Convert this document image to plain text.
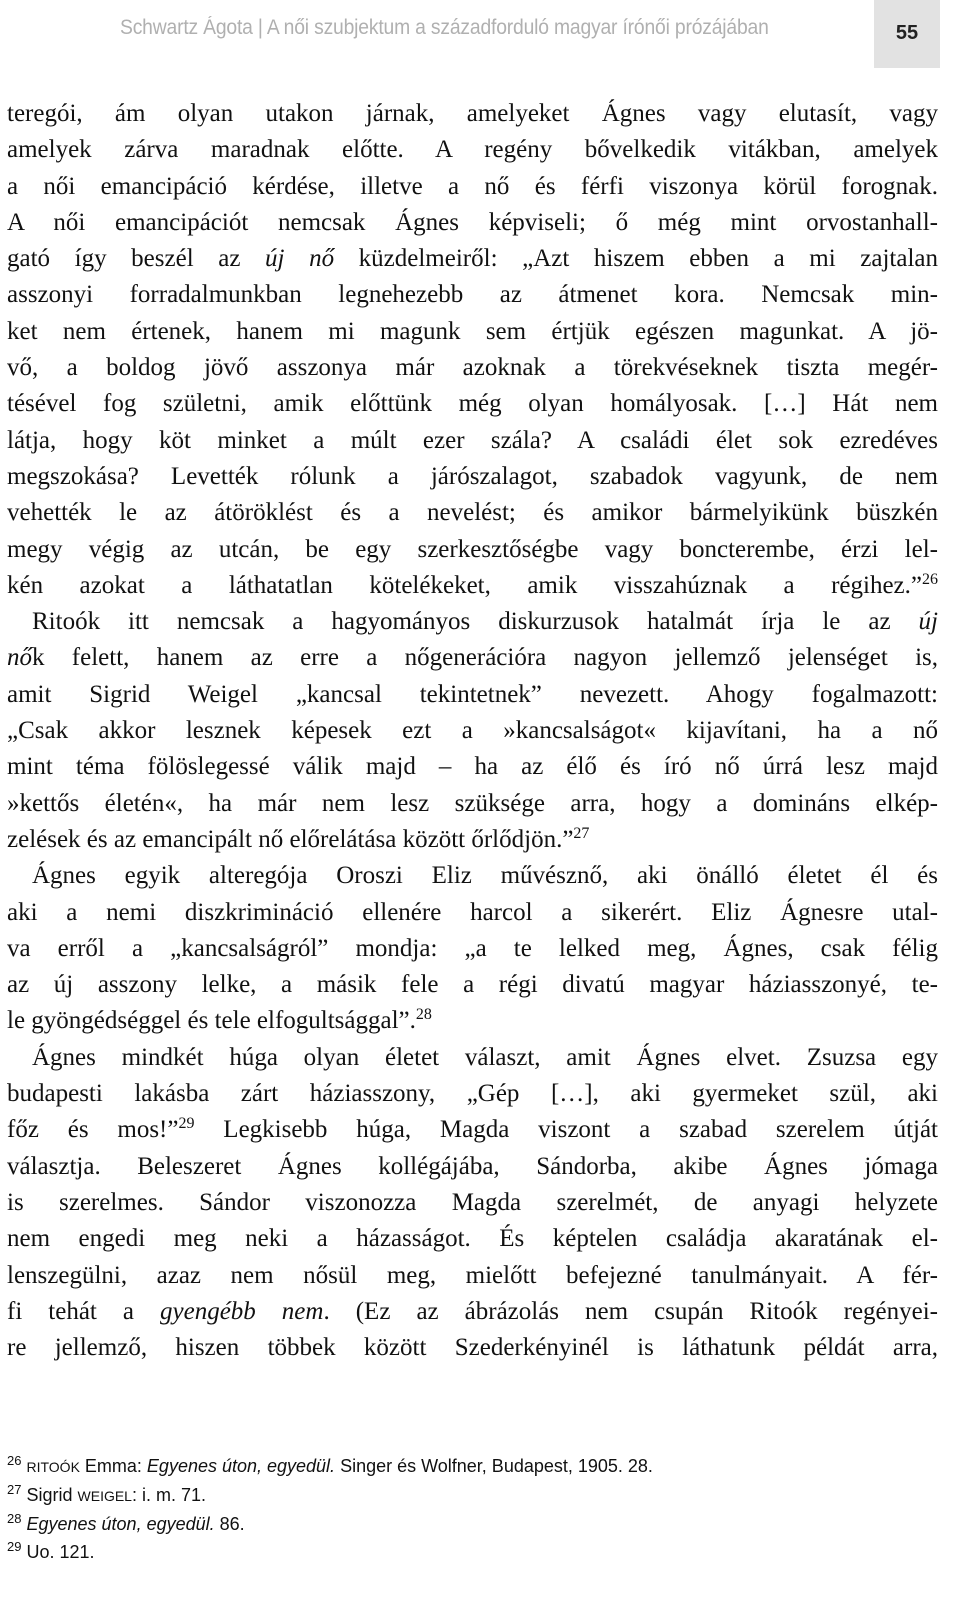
Schwartz Ágota | A női szubjektum a századforduló magyar írónői prózájában	55
teregói, ám olyan utakon járnak, amelyeket Ágnes vagy elutasít, vagy
amelyek zárva maradnak előtte. A regény bővelkedik vitákban, amelyek
a női emancipáció kérdése, illetve a nő és férfi viszonya körül forognak.
A női emancipációt nemcsak Ágnes képviseli; ő még mint orvostanhall-
gató így beszél az új nő küzdelmeiről: „Azt hiszem ebben a mi zajtalan
asszonyi forradalmunkban legnehezebb az átmenet kora. Nemcsak min-
ket nem értenek, hanem mi magunk sem értjük egészen magunkat. A jö-
vő, a boldog jövő asszonya már azoknak a törekvéseknek tiszta megér-
tésével fog születni, amik előttünk még olyan homályosak. […] Hát nem
látja, hogy köt minket a múlt ezer szála? A családi élet sok ezredéves
megszokása? Levették rólunk a járószalagot, szabadok vagyunk, de nem
vehették le az átöröklést és a nevelést; és amikor bármelyikünk büszkén
megy végig az utcán, be egy szerkesztőségbe vagy boncterembe, érzi lel-
kén azokat a láthatatlan kötelékeket, amik visszahúznak a régihez.”$^{26}$
Ritoók itt nemcsak a hagyományos diskurzusok hatalmát írja le az új
nők felett, hanem az erre a nőgenerációra nagyon jellemző jelenséget is,
amit Sigrid Weigel „kancsal tekintetnek” nevezett. Ahogy fogalmazott:
„Csak akkor lesznek képesek ezt a »kancsalságot« kijavítani, ha a nő
mint téma fölöslegessé válik majd – ha az élő és író nő úrrá lesz majd
»kettős életén«, ha már nem lesz szüksége arra, hogy a domináns elkép-
zelések és az emancipált nő előrelátása között őrlődjön.”$^{27}$
Ágnes egyik alteregója Oroszi Eliz művésznő, aki önálló életet él és
aki a nemi diszkrimináció ellenére harcol a sikerért. Eliz Ágnesre utal-
va erről a „kancsalságról” mondja: „a te lelked meg, Ágnes, csak félig
az új asszony lelke, a másik fele a régi divatú magyar háziasszonyé, te-
le gyöngédséggel és tele elfogultsággal”.$^{28}$
Ágnes mindkét húga olyan életet választ, amit Ágnes elvet. Zsuzsa egy
budapesti lakásba zárt háziasszony, „Gép […], aki gyermeket szül, aki
főz és mos!”$^{29}$ Legkisebb húga, Magda viszont a szabad szerelem útját
választja. Beleszeret Ágnes kollégájába, Sándorba, akibe Ágnes jómaga
is szerelmes. Sándor viszonozza Magda szerelmét, de anyagi helyzete
nem engedi meg neki a házasságot. És képtelen családja akaratának el-
lenszegülni, azaz nem nősül meg, mielőtt befejezné tanulmányait. A fér-
fi tehát a gyengébb nem. (Ez az ábrázolás nem csupán Ritoók regényei-
re jellemző, hiszen többek között Szederkényinél is láthatunk példát arra,
$^{26}$ RITOÓK Emma: Egyenes úton, egyedül. Singer és Wolfner, Budapest, 1905. 28.
$^{27}$ Sigrid WEIGEL: i. m. 71.
$^{28}$ Egyenes úton, egyedül. 86.
$^{29}$ Uo. 121.
